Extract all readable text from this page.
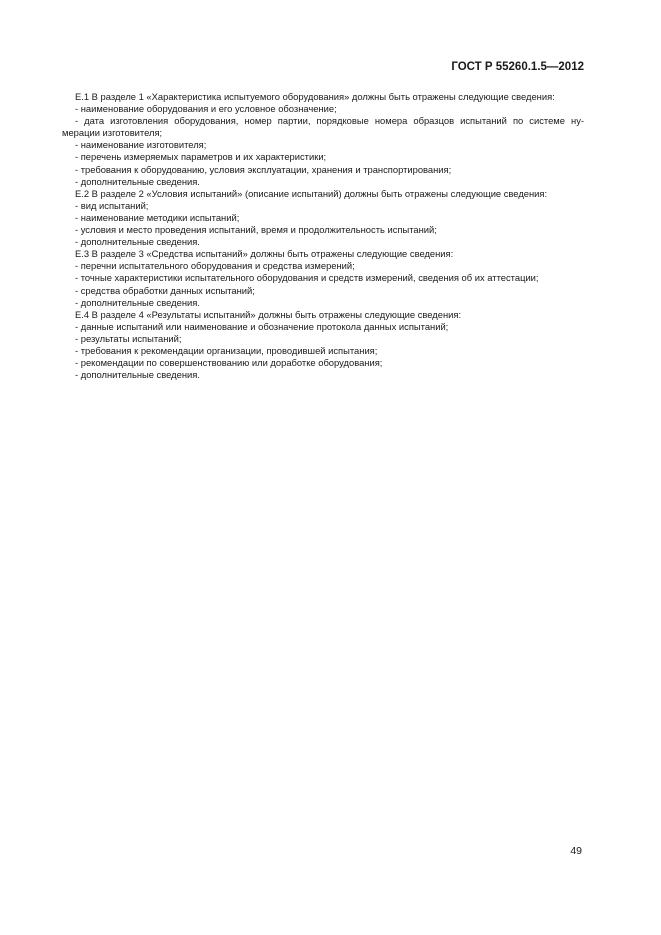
ГОСТ Р 55260.1.5—2012
Е.1 В разделе 1 «Характеристика испытуемого оборудования» должны быть отражены следующие сведения:
- наименование оборудования и его условное обозначение;
- дата изготовления оборудования, номер партии, порядковые номера образцов испытаний по системе ну-
мерации изготовителя;
- наименование изготовителя;
- перечень измеряемых параметров и их характеристики;
- требования к оборудованию, условия эксплуатации, хранения и транспортирования;
- дополнительные сведения.
Е.2 В разделе 2 «Условия испытаний» (описание испытаний) должны быть отражены следующие сведения:
- вид испытаний;
- наименование методики испытаний;
- условия и место проведения испытаний, время и продолжительность испытаний;
- дополнительные сведения.
Е.3 В разделе 3 «Средства испытаний» должны быть отражены следующие сведения:
- перечни испытательного оборудования и средства измерений;
- точные характеристики испытательного оборудования и средств измерений, сведения об их аттестации;
- средства обработки данных испытаний;
- дополнительные сведения.
Е.4 В разделе 4 «Результаты испытаний» должны быть отражены следующие сведения:
- данные испытаний или наименование и обозначение протокола данных испытаний;
- результаты испытаний;
- требования к рекомендации организации, проводившей испытания;
- рекомендации по совершенствованию или доработке оборудования;
- дополнительные сведения.
49
